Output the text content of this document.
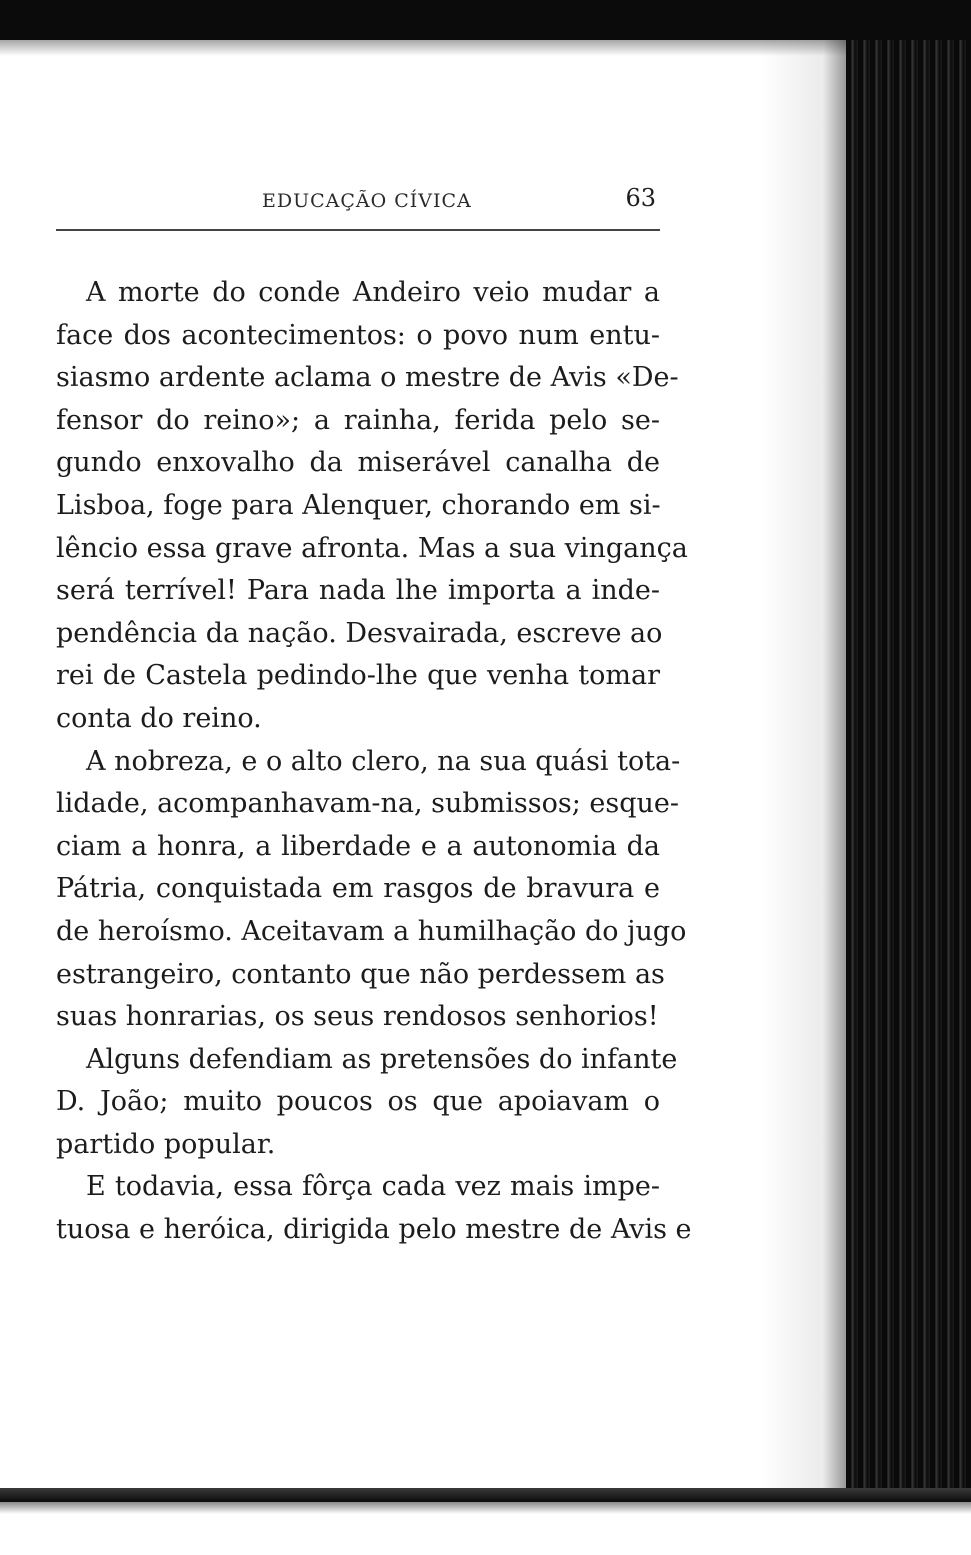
EDUCAÇÃO CÍVICA	63
A morte do conde Andeiro veio mudar a
face dos acontecimentos: o povo num entu-
siasmo ardente aclama o mestre de Avis «De-
fensor do reino»; a rainha, ferida pelo se-
gundo enxovalho da miserável canalha de
Lisboa, foge para Alenquer, chorando em si-
lêncio essa grave afronta. Mas a sua vingança
será terrível! Para nada lhe importa a inde-
pendência da nação. Desvairada, escreve ao
rei de Castela pedindo-lhe que venha tomar
conta do reino.
A nobreza, e o alto clero, na sua quási tota-
lidade, acompanhavam-na, submissos; esque-
ciam a honra, a liberdade e a autonomia da
Pátria, conquistada em rasgos de bravura e
de heroísmo. Aceitavam a humilhação do jugo
estrangeiro, contanto que não perdessem as
suas honrarias, os seus rendosos senhorios!
Alguns defendiam as pretensões do infante
D. João; muito poucos os que apoiavam o
partido popular.
E todavia, essa fôrça cada vez mais impe-
tuosa e heróica, dirigida pelo mestre de Avis e
